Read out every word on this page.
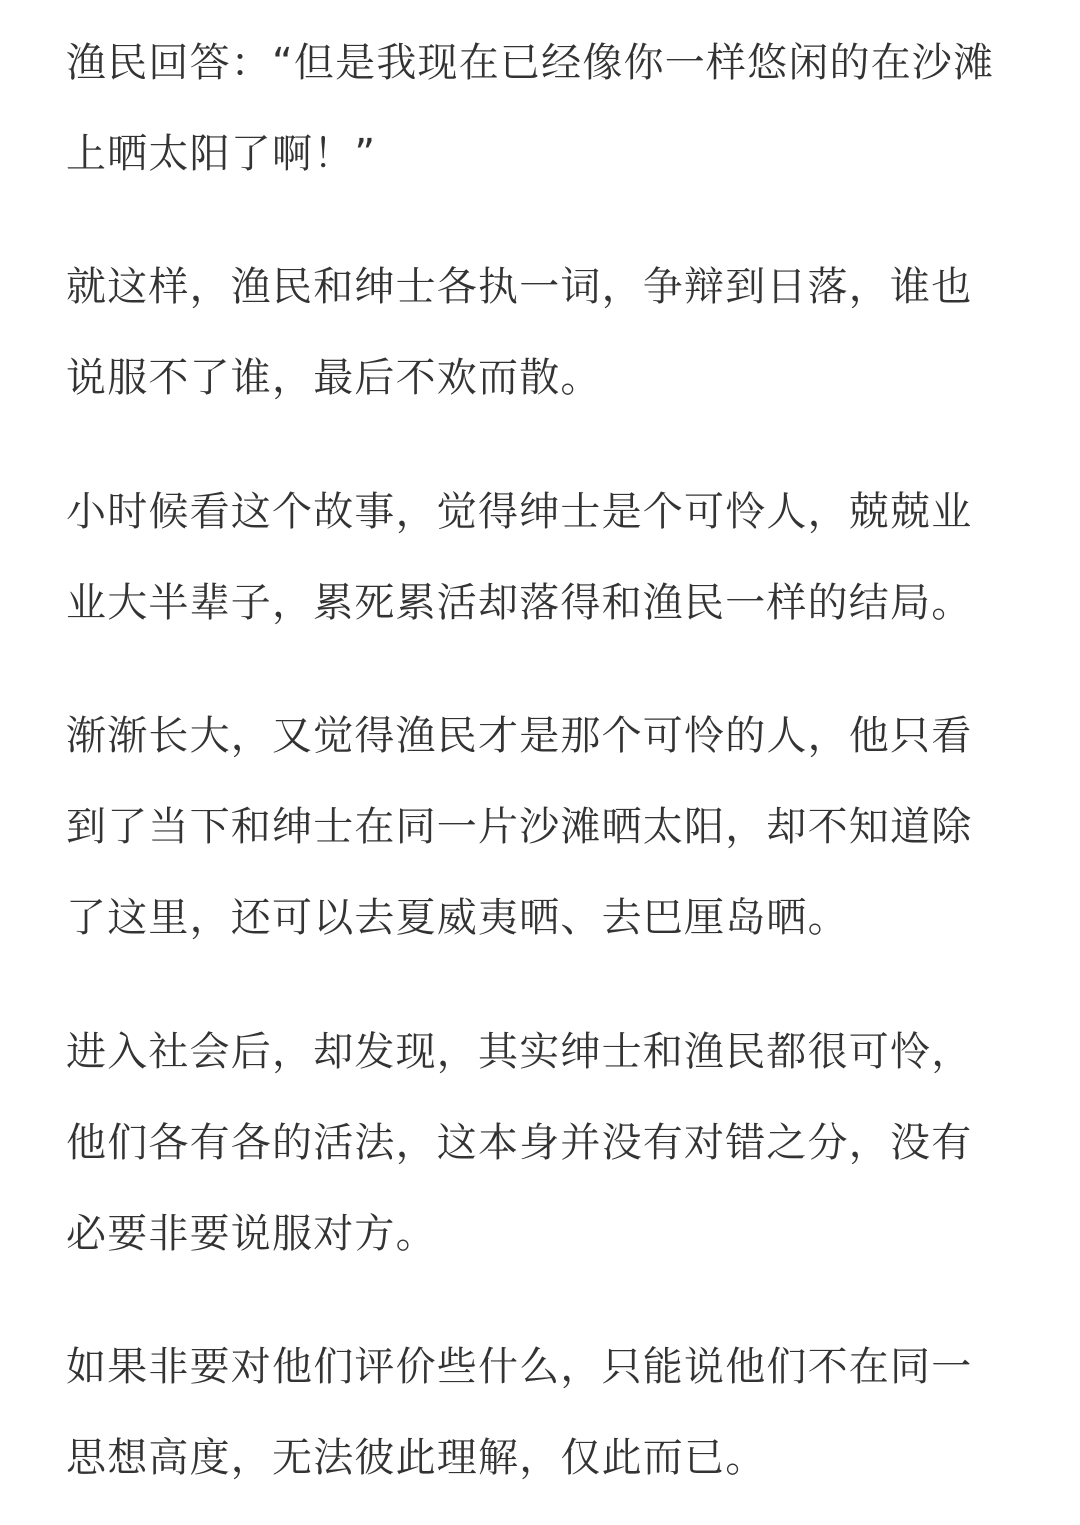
渔民回答：“但是我现在已经像你一样悠闲的在沙滩
上晒太阳了啊！”
就这样，渔民和绅士各执一词，争辩到日落，谁也
说服不了谁，最后不欢而散。
小时候看这个故事，觉得绅士是个可怜人，兢兢业
业大半辈子，累死累活却落得和渔民一样的结局。
渐渐长大，又觉得渔民才是那个可怜的人，他只看
到了当下和绅士在同一片沙滩晒太阳，却不知道除
了这里，还可以去夏威夷晒、去巴厘岛晒。
进入社会后，却发现，其实绅士和渔民都很可怜，
他们各有各的活法，这本身并没有对错之分，没有
必要非要说服对方。
如果非要对他们评价些什么，只能说他们不在同一
思想高度，无法彼此理解，仅此而已。
